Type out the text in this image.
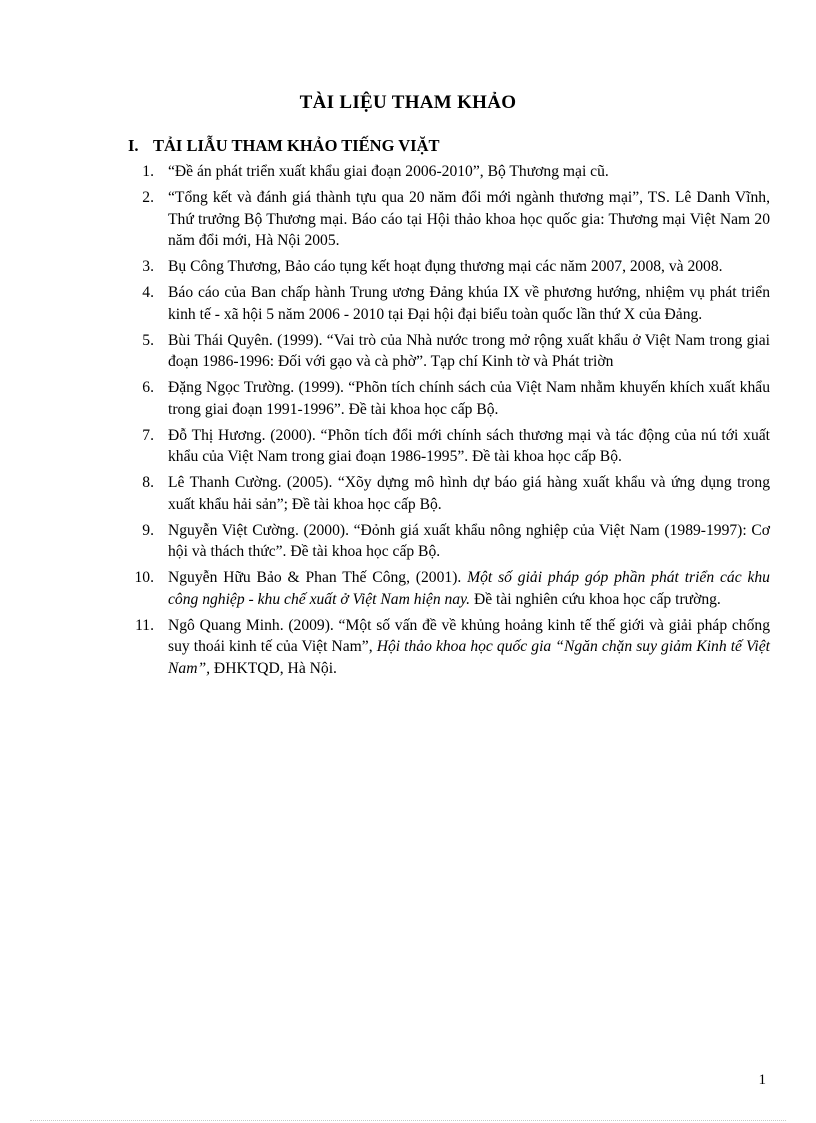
TÀI LIỆU THAM KHẢO
I. TẢI LIẪU THAM KHẢO TIẾNG VIẶT
1. “Đề án phát triển xuất khẩu giai đoạn 2006-2010”, Bộ Thương mại cũ.
2. “Tổng kết và đánh giá thành tựu qua 20 năm đổi mới ngành thương mại”, TS. Lê Danh Vĩnh, Thứ trưởng Bộ Thương mại. Báo cáo tại Hội thảo khoa học quốc gia: Thương mại Việt Nam 20 năm đổi mới, Hà Nội 2005.
3. Bụ Công Thương, Bảo cáo tụng kết hoạt đụng thương mại các năm 2007, 2008, và 2008.
4. Báo cáo của Ban chấp hành Trung ương Đảng khúa IX về phương hướng, nhiệm vụ phát triển kinh tế - xã hội 5 năm 2006 - 2010 tại Đại hội đại biểu toàn quốc lần thứ X của Đảng.
5. Bùi Thái Quyên. (1999). “Vai trò của Nhà nước trong mở rộng xuất khẩu ở Việt Nam trong giai đoạn 1986-1996: Đối với gạo và cà phờ”. Tạp chí Kinh tờ và Phát triờn
6. Đặng Ngọc Trường. (1999). “Phõn tích chính sách của Việt Nam nhằm khuyến khích xuất khẩu trong giai đoạn 1991-1996”. Đề tài khoa học cấp Bộ.
7. Đỗ Thị Hương. (2000). “Phõn tích đổi mới chính sách thương mại và tác động của nú tới xuất khẩu của Việt Nam trong giai đoạn 1986-1995”. Đề tài khoa học cấp Bộ.
8. Lê Thanh Cường. (2005). “Xõy dựng mô hình dự báo giá hàng xuất khẩu và ứng dụng trong xuất khẩu hải sản”; Đề tài khoa học cấp Bộ.
9. Nguyễn Việt Cường. (2000). “Đỏnh giá xuất khẩu nông nghiệp của Việt Nam (1989-1997): Cơ hội và thách thức”. Đề tài khoa học cấp Bộ.
10. Nguyễn Hữu Bảo & Phan Thế Công, (2001). Một số giải pháp góp phần phát triển các khu công nghiệp - khu chế xuất ở Việt Nam hiện nay. Đề tài nghiên cứu khoa học cấp trường.
11. Ngô Quang Minh. (2009). “Một số vấn đề về khủng hoảng kinh tế thế giới và giải pháp chống suy thoái kinh tế của Việt Nam”, Hội thảo khoa học quốc gia “Ngăn chặn suy giảm Kinh tế Việt Nam”, ĐHKTQD, Hà Nội.
1
